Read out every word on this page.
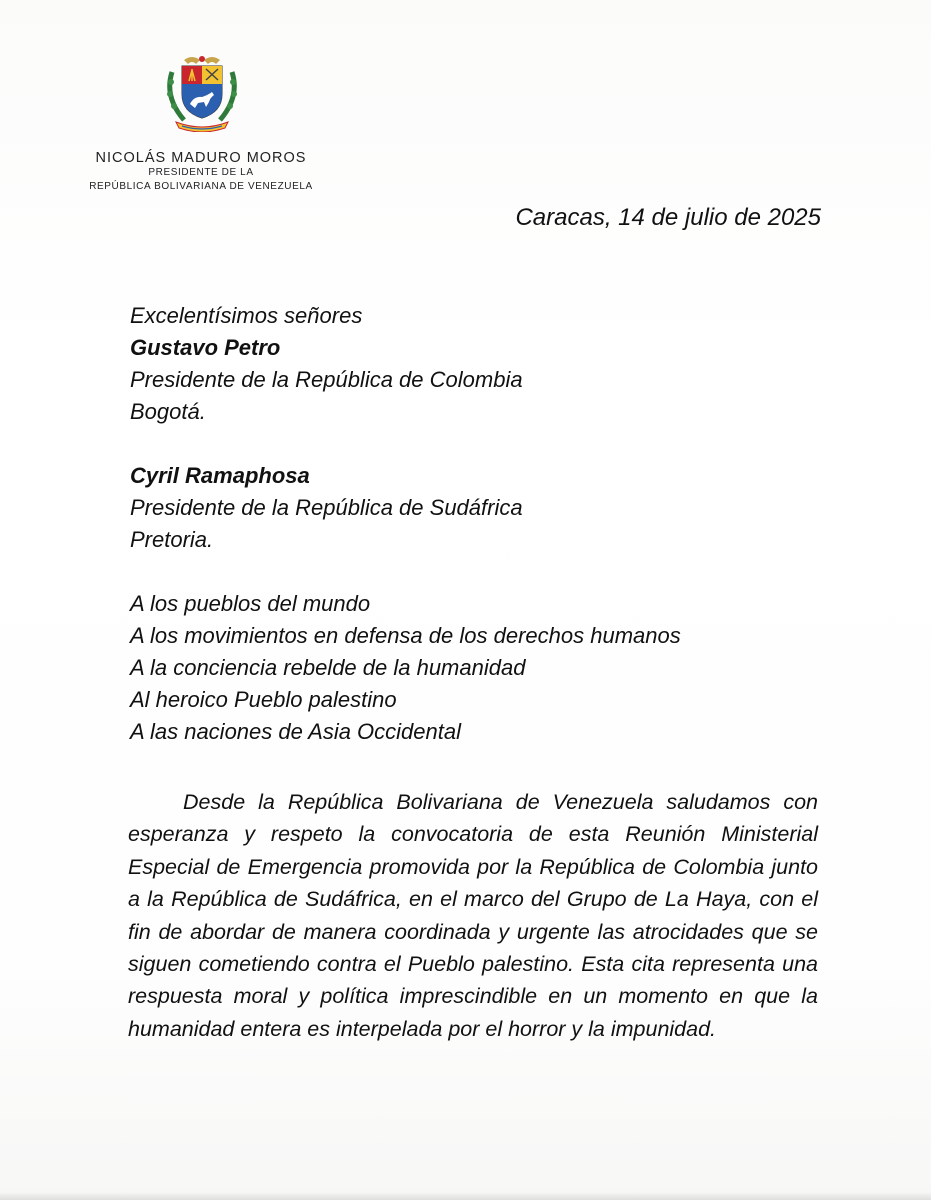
NICOLÁS MADURO MOROS
PRESIDENTE DE LA
REPÚBLICA BOLIVARIANA DE VENEZUELA
Caracas, 14 de julio de 2025
Excelentísimos señores
Gustavo Petro
Presidente de la República de Colombia
Bogotá.
Cyril Ramaphosa
Presidente de la República de Sudáfrica
Pretoria.
A los pueblos del mundo
A los movimientos en defensa de los derechos humanos
A la conciencia rebelde de la humanidad
Al heroico Pueblo palestino
A las naciones de Asia Occidental

Desde la República Bolivariana de Venezuela saludamos con esperanza y respeto la convocatoria de esta Reunión Ministerial Especial de Emergencia promovida por la República de Colombia junto a la República de Sudáfrica, en el marco del Grupo de La Haya, con el fin de abordar de manera coordinada y urgente las atrocidades que se siguen cometiendo contra el Pueblo palestino. Esta cita representa una respuesta moral y política imprescindible en un momento en que la humanidad entera es interpelada por el horror y la impunidad.
